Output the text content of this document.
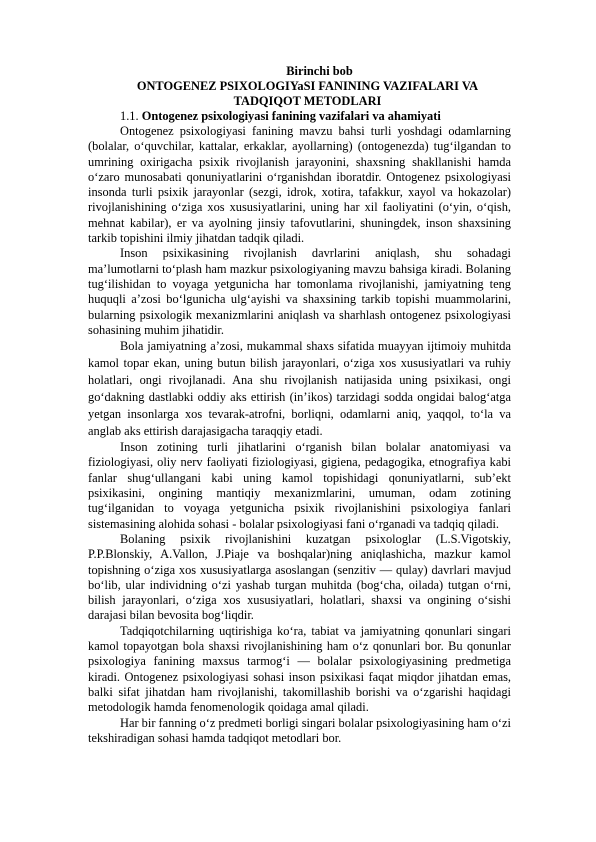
Birinchi bob
ONTOGENEZ PSIXOLOGIYaSI FANINING VAZIFALARI VA TADQIQOT METODLARI
1.1. Ontogenez psixologiyasi fanining vazifalari va ahamiyati

Ontogenez psixologiyasi fanining mavzu bahsi turli yoshdagi odamlarning (bolalar, o‘quvchilar, kattalar, erkaklar, ayollarning) (ontogenezda) tug‘ilgandan to umrining oxirigacha psixik rivojlanish jarayonini, shaxsning shakllanishi hamda o‘zaro munosabati qonuniyatlarini o‘rganishdan iboratdir. Ontogenez psixologiyasi insonda turli psixik jarayonlar (sezgi, idrok, xotira, tafakkur, xayol va hokazolar) rivojlanishining o‘ziga xos xususiyatlarini, uning har xil faoliyatini (o‘yin, o‘qish, mehnat kabilar), er va ayolning jinsiy tafovutlarini, shuningdek, inson shaxsining tarkib topishini ilmiy jihatdan tadqik qiladi.

Inson psixikasining rivojlanish davrlarini aniqlash, shu sohadagi ma’lumotlarni to‘plash ham mazkur psixologiyaning mavzu bahsiga kiradi. Bolaning tug‘ilishidan to voyaga yetgunicha har tomonlama rivojlanishi, jamiyatning teng huquqli a’zosi bo‘lgunicha ulg‘ayishi va shaxsining tarkib topishi muammolarini, bularning psixologik mexanizmlarini aniqlash va sharhlash ontogenez psixologiyasi sohasining muhim jihatidir.

Bola jamiyatning a’zosi, mukammal shaxs sifatida muayyan ijtimoiy muhitda kamol topar ekan, uning butun bilish jarayonlari, o‘ziga xos xususiyatlari va ruhiy holatlari, ongi rivojlanadi. Ana shu rivojlanish natijasida uning psixikasi, ongi go‘dakning dastlabki oddiy aks ettirish (in’ikos) tarzidagi sodda ongidai balog‘atga yetgan insonlarga xos tevarak-atrofni, borliqni, odamlarni aniq, yaqqol, to‘la va anglab aks ettirish darajasigacha taraqqiy etadi.

Inson zotining turli jihatlarini o‘rganish bilan bolalar anatomiyasi va fiziologiyasi, oliy nerv faoliyati fiziologiyasi, gigiena, pedagogika, etnografiya kabi fanlar shug‘ullangani kabi uning kamol topishidagi qonuniyatlarni, sub’ekt psixikasini, ongining mantiqiy mexanizmlarini, umuman, odam zotining tug‘ilganidan to voyaga yetgunicha psixik rivojlanishini psixologiya fanlari sistemasining alohida sohasi - bolalar psixologiyasi fani o‘rganadi va tadqiq qiladi.

Bolaning psixik rivojlanishini kuzatgan psixologlar (L.S.Vigotskiy, P.P.Blonskiy, A.Vallon, J.Piaje va boshqalar)ning aniqlashicha, mazkur kamol topishning o‘ziga xos xususiyatlarga asoslangan (senzitiv — qulay) davrlari mavjud bo‘lib, ular individning o‘zi yashab turgan muhitda (bog‘cha, oilada) tutgan o‘rni, bilish jarayonlari, o‘ziga xos xususiyatlari, holatlari, shaxsi va ongining o‘sishi darajasi bilan bevosita bog‘liqdir.

Tadqiqotchilarning uqtirishiga ko‘ra, tabiat va jamiyatning qonunlari singari kamol topayotgan bola shaxsi rivojlanishining ham o‘z qonunlari bor. Bu qonunlar psixologiya fanining maxsus tarmog‘i — bolalar psixologiyasining predmetiga kiradi. Ontogenez psixologiyasi sohasi inson psixikasi faqat miqdor jihatdan emas, balki sifat jihatdan ham rivojlanishi, takomillashib borishi va o‘zgarishi haqidagi metodologik hamda fenomenologik qoidaga amal qiladi.

Har bir fanning o‘z predmeti borligi singari bolalar psixologiyasining ham o‘zi tekshiradigan sohasi hamda tadqiqot metodlari bor.
